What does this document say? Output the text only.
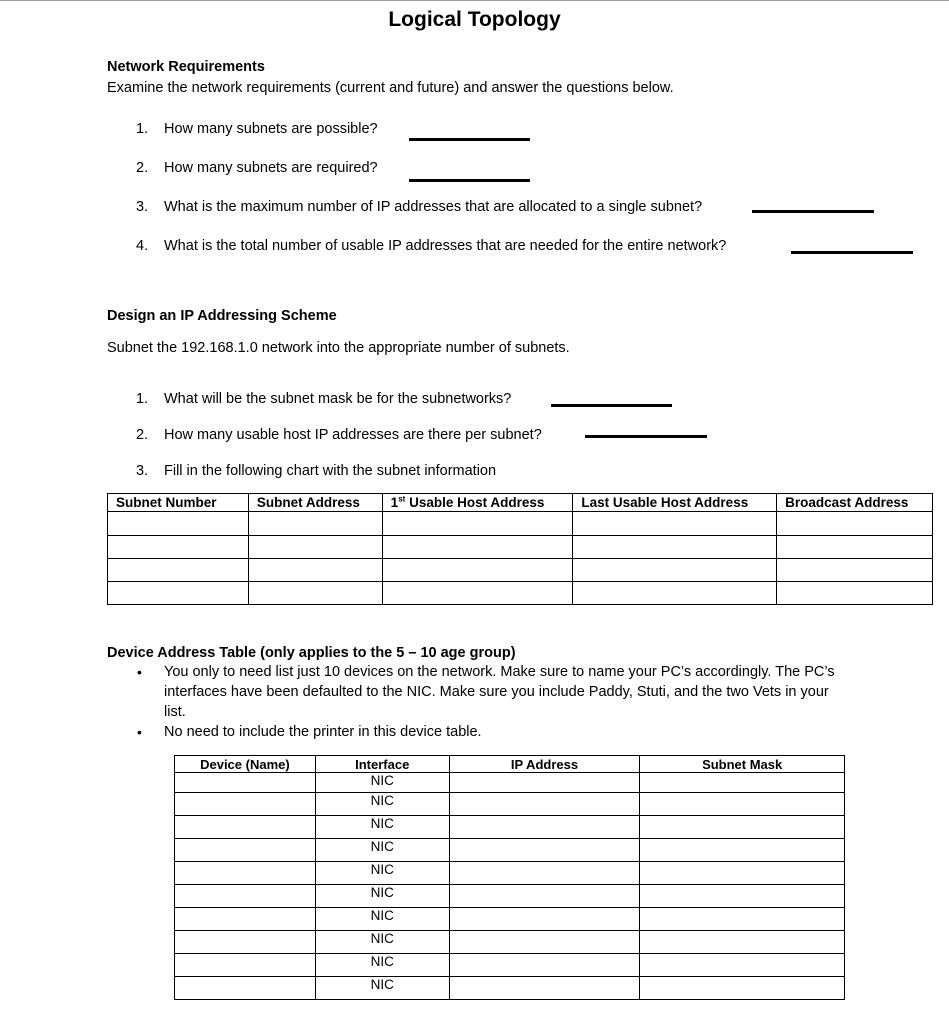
Logical Topology
Network Requirements
Examine the network requirements (current and future) and answer the questions below.
1. How many subnets are possible?
2. How many subnets are required?
3. What is the maximum number of IP addresses that are allocated to a single subnet?
4. What is the total number of usable IP addresses that are needed for the entire network?
Design an IP Addressing Scheme
Subnet the 192.168.1.0 network into the appropriate number of subnets.
1. What will be the subnet mask be for the subnetworks?
2. How many usable host IP addresses are there per subnet?
3. Fill in the following chart with the subnet information
Subnet Number	Subnet Address	1st Usable Host Address	Last Usable Host Address	Broadcast Address

Device Address Table (only applies to the 5 – 10 age group)
• You only to need list just 10 devices on the network. Make sure to name your PC’s accordingly. The PC’s
interfaces have been defaulted to the NIC. Make sure you include Paddy, Stuti, and the two Vets in your
list.
• No need to include the printer in this device table.
Device (Name)	Interface	IP Address	Subnet Mask
	NIC		
	NIC		
	NIC		
	NIC		
	NIC		
	NIC		
	NIC		
	NIC		
	NIC		
	NIC		
